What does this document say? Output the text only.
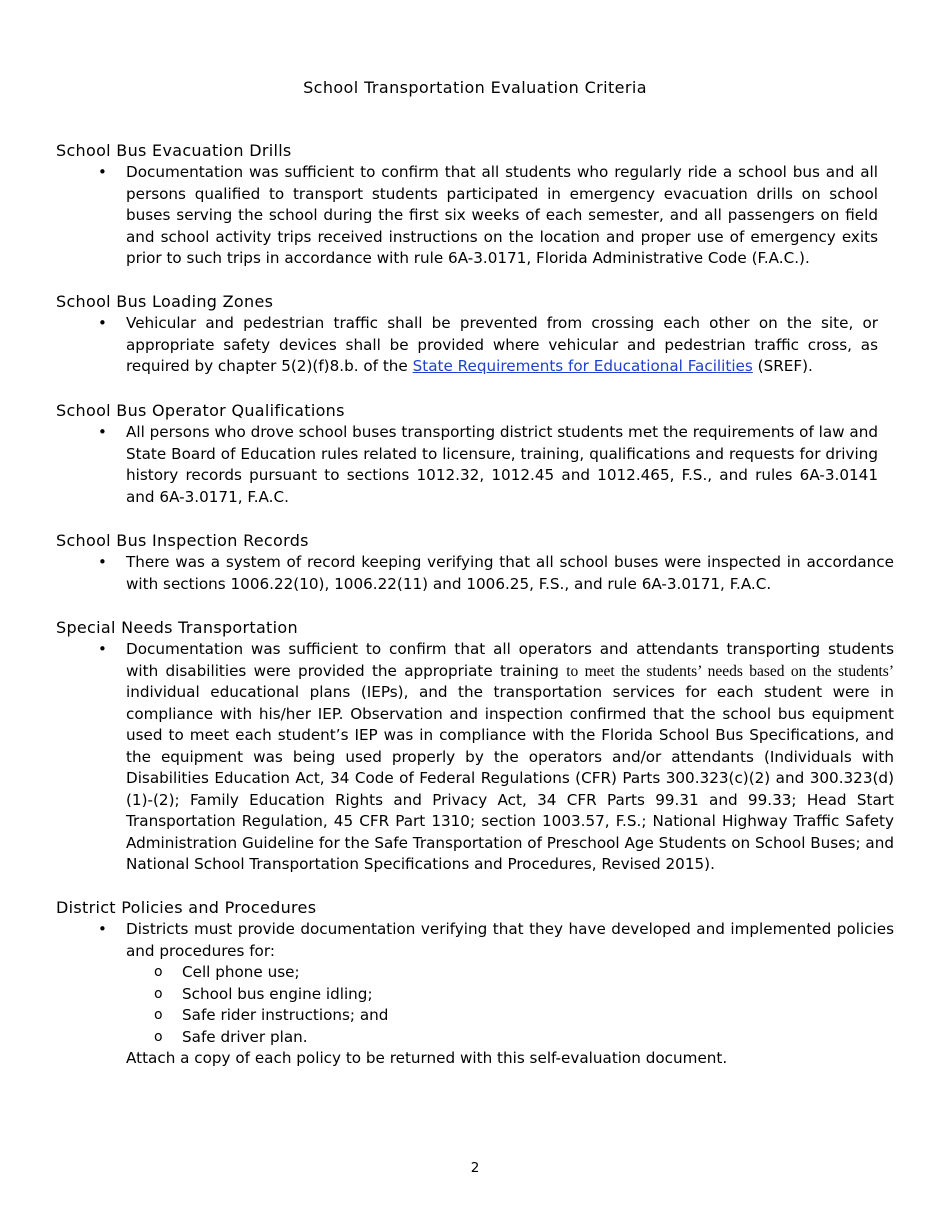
School Transportation Evaluation Criteria
School Bus Evacuation Drills
• Documentation was sufficient to confirm that all students who regularly ride a school bus and all persons qualified to transport students participated in emergency evacuation drills on school buses serving the school during the first six weeks of each semester, and all passengers on field and school activity trips received instructions on the location and proper use of emergency exits prior to such trips in accordance with rule 6A-3.0171, Florida Administrative Code (F.A.C.).
School Bus Loading Zones
• Vehicular and pedestrian traffic shall be prevented from crossing each other on the site, or appropriate safety devices shall be provided where vehicular and pedestrian traffic cross, as required by chapter 5(2)(f)8.b. of the State Requirements for Educational Facilities (SREF).
School Bus Operator Qualifications
• All persons who drove school buses transporting district students met the requirements of law and State Board of Education rules related to licensure, training, qualifications and requests for driving history records pursuant to sections 1012.32, 1012.45 and 1012.465, F.S., and rules 6A-3.0141 and 6A-3.0171, F.A.C.
School Bus Inspection Records
• There was a system of record keeping verifying that all school buses were inspected in accordance with sections 1006.22(10), 1006.22(11) and 1006.25, F.S., and rule 6A-3.0171, F.A.C.
Special Needs Transportation
• Documentation was sufficient to confirm that all operators and attendants transporting students with disabilities were provided the appropriate training to meet the students’ needs based on the students’ individual educational plans (IEPs), and the transportation services for each student were in compliance with his/her IEP. Observation and inspection confirmed that the school bus equipment used to meet each student’s IEP was in compliance with the Florida School Bus Specifications, and the equipment was being used properly by the operators and/or attendants (Individuals with Disabilities Education Act, 34 Code of Federal Regulations (CFR) Parts 300.323(c)(2) and 300.323(d)(1)-(2); Family Education Rights and Privacy Act, 34 CFR Parts 99.31 and 99.33; Head Start Transportation Regulation, 45 CFR Part 1310; section 1003.57, F.S.; National Highway Traffic Safety Administration Guideline for the Safe Transportation of Preschool Age Students on School Buses; and National School Transportation Specifications and Procedures, Revised 2015).
District Policies and Procedures
• Districts must provide documentation verifying that they have developed and implemented policies and procedures for:
o Cell phone use;
o School bus engine idling;
o Safe rider instructions; and
o Safe driver plan.
Attach a copy of each policy to be returned with this self-evaluation document.
2
